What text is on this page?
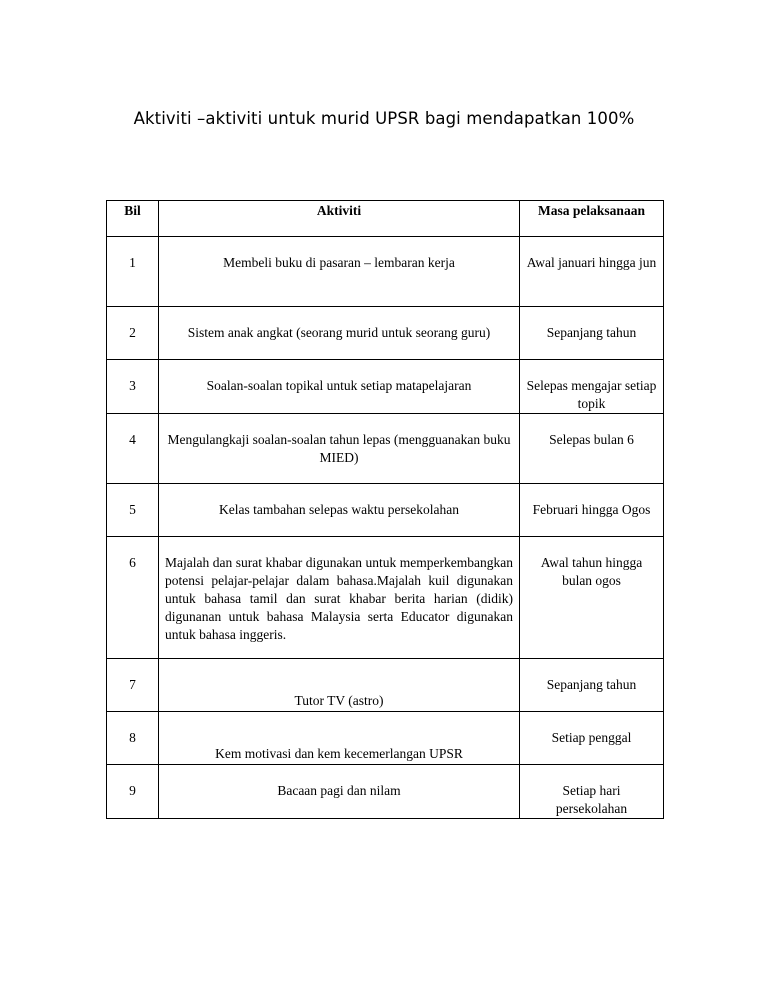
Aktiviti –aktiviti untuk murid UPSR bagi mendapatkan 100%
Bil	Aktiviti	Masa pelaksanaan
1	Membeli buku di pasaran – lembaran kerja	Awal januari hingga jun
2	Sistem anak angkat (seorang murid untuk seorang guru)	Sepanjang tahun
3	Soalan-soalan topikal untuk setiap matapelajaran	Selepas mengajar setiap topik
4	Mengulangkaji soalan-soalan tahun lepas (mengguanakan buku MIED)	Selepas bulan 6
5	Kelas tambahan selepas waktu persekolahan	Februari hingga Ogos
6	Majalah dan surat khabar digunakan untuk memperkembangkan potensi pelajar-pelajar dalam bahasa.Majalah kuil digunakan untuk bahasa tamil dan surat khabar berita harian (didik) digunanan untuk bahasa Malaysia serta Educator digunakan untuk bahasa inggeris.	Awal tahun hingga bulan ogos
7	Tutor TV (astro)	Sepanjang tahun
8	Kem motivasi dan kem kecemerlangan UPSR	Setiap penggal
9	Bacaan pagi dan nilam	Setiap hari persekolahan
